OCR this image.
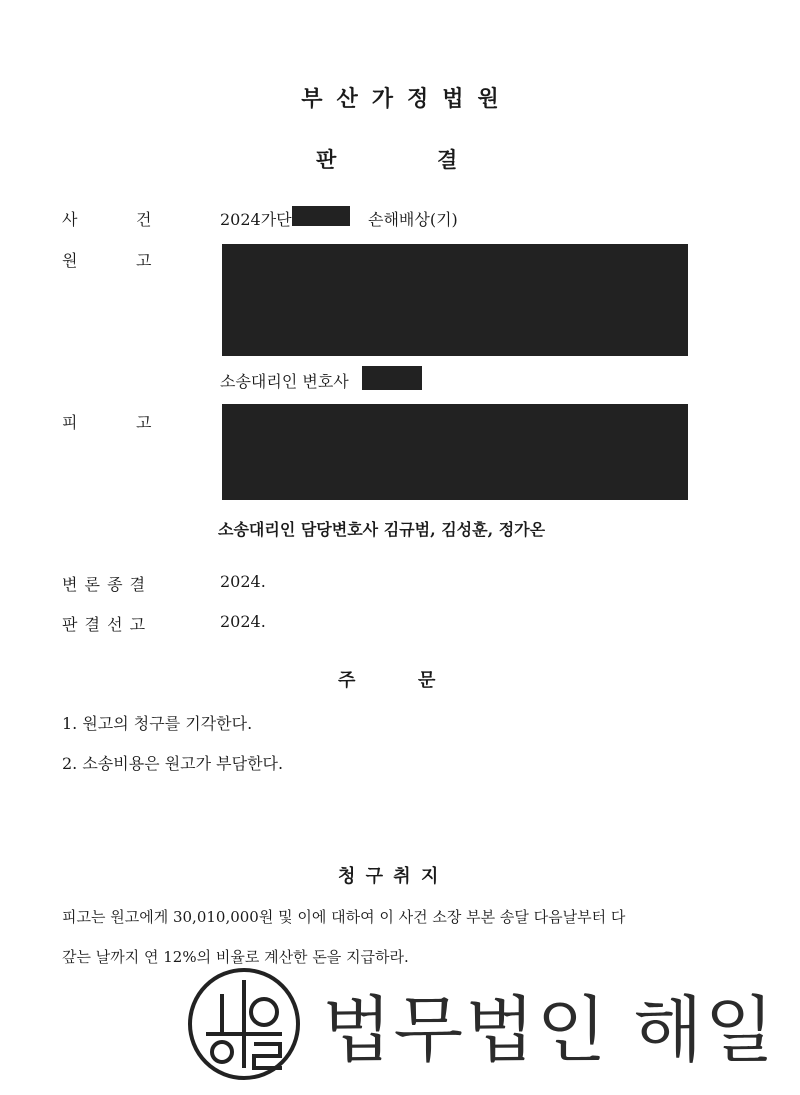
부산가정법원
판	결
사	건	2024가단	손해배상(기)
원	고
소송대리인 변호사
피	고
소송대리인 담당변호사 김규범, 김성훈, 정가온
변 론 종 결	2024.
판 결 선 고	2024.
주	문
1. 원고의 청구를 기각한다.
2. 소송비용은 원고가 부담한다.
청 구 취 지
피고는 원고에게 30,010,000원 및 이에 대하여 이 사건 소장 부본 송달 다음날부터 다
갚는 날까지 연 12%의 비율로 계산한 돈을 지급하라.
법무법인 해일
